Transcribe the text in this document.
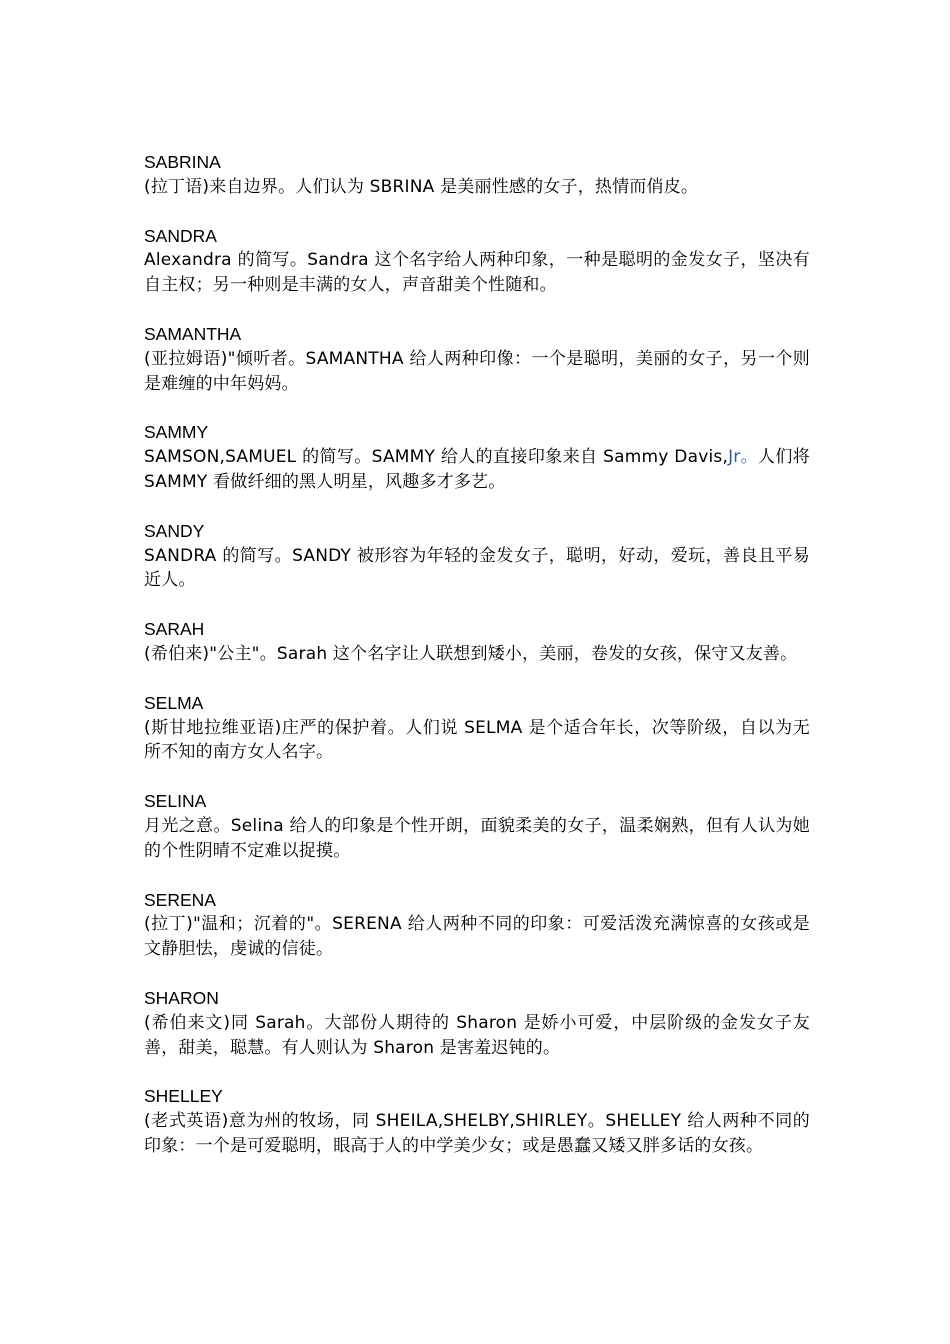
SABRINA
(拉丁语)来自边界。人们认为 SBRINA 是美丽性感的女子，热情而俏皮。
SANDRA
Alexandra 的简写。Sandra 这个名字给人两种印象，一种是聪明的金发女子，坚决有自主权；另一种则是丰满的女人，声音甜美个性随和。
SAMANTHA
(亚拉姆语)"倾听者。SAMANTHA 给人两种印像：一个是聪明，美丽的女子，另一个则是难缠的中年妈妈。
SAMMY
SAMSON,SAMUEL 的简写。SAMMY 给人的直接印象来自 Sammy Davis,Jr。人们将 SAMMY 看做纤细的黑人明星，风趣多才多艺。
SANDY
SANDRA 的简写。SANDY 被形容为年轻的金发女子，聪明，好动，爱玩，善良且平易近人。
SARAH
(希伯来)"公主"。Sarah 这个名字让人联想到矮小，美丽，卷发的女孩，保守又友善。
SELMA
(斯甘地拉维亚语)庄严的保护着。人们说 SELMA 是个适合年长，次等阶级，自以为无所不知的南方女人名字。
SELINA
月光之意。Selina 给人的印象是个性开朗，面貌柔美的女子，温柔娴熟，但有人认为她的个性阴晴不定难以捉摸。
SERENA
(拉丁)"温和；沉着的"。SERENA 给人两种不同的印象：可爱活泼充满惊喜的女孩或是文静胆怯，虔诚的信徒。
SHARON
(希伯来文)同 Sarah。大部份人期待的 Sharon 是娇小可爱，中层阶级的金发女子友善，甜美，聪慧。有人则认为 Sharon 是害羞迟钝的。
SHELLEY
(老式英语)意为州的牧场，同 SHEILA,SHELBY,SHIRLEY。SHELLEY 给人两种不同的印象：一个是可爱聪明，眼高于人的中学美少女；或是愚蠢又矮又胖多话的女孩。
